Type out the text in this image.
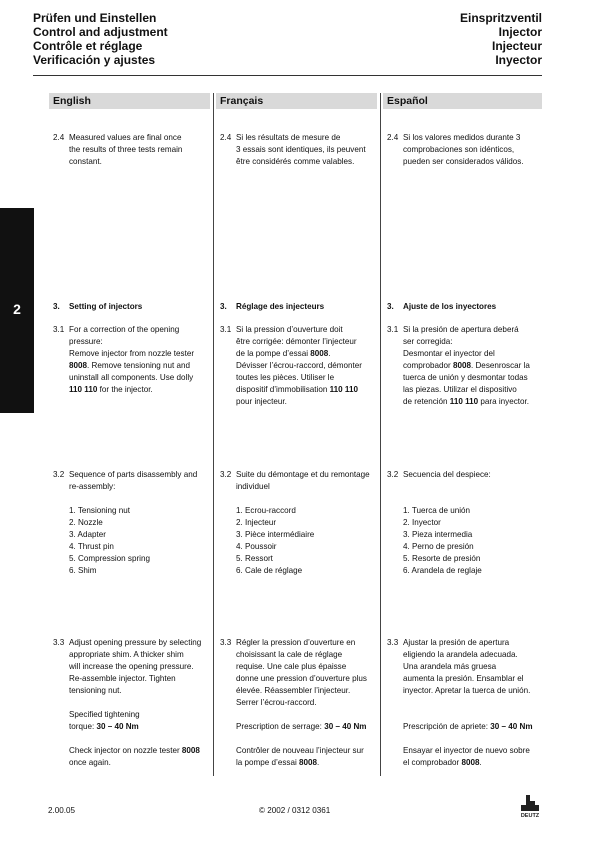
Prüfen und Einstellen
Control and adjustment
Contrôle et réglage
Verificación y ajustes
Einspritzventil
Injector
Injecteur
Inyector
English	Français	Español
2
2.4 Measured values are final once
the results of three tests remain
constant.
3. Setting of injectors
3.1 For a correction of the opening
pressure:
Remove injector from nozzle tester
8008. Remove tensioning nut and
uninstall all components. Use dolly
110 110 for the injector.
3.2 Sequence of parts disassembly and
re-assembly:
1. Tensioning nut
2. Nozzle
3. Adapter
4. Thrust pin
5. Compression spring
6. Shim
3.3 Adjust opening pressure by selecting
appropriate shim. A thicker shim
will increase the opening pressure.
Re-assemble injector. Tighten
tensioning nut.
Specified tightening
torque: 30 – 40 Nm
Check injector on nozzle tester 8008
once again.
2.4 Si les résultats de mesure de
3 essais sont identiques, ils peuvent
être considérés comme valables.
3. Réglage des injecteurs
3.1 Si la pression d’ouverture doit
être corrigée: démonter l’injecteur
de la pompe d’essai 8008.
Dévisser l’écrou-raccord, démonter
toutes les pièces. Utiliser le
dispositif d’immobilisation 110 110
pour injecteur.
3.2 Suite du démontage et du remontage
individuel
1. Ecrou-raccord
2. Injecteur
3. Pièce intermédiaire
4. Poussoir
5. Ressort
6. Cale de réglage
3.3 Régler la pression d’ouverture en
choisissant la cale de réglage
requise. Une cale plus épaisse
donne une pression d’ouverture plus
élevée. Réassembler l’injecteur.
Serrer l’écrou-raccord.
Prescription de serrage: 30 – 40 Nm
Contrôler de nouveau l’injecteur sur
la pompe d’essai 8008.
2.4 Si los valores medidos durante 3
comprobaciones son idénticos,
pueden ser considerados válidos.
3. Ajuste de los inyectores
3.1 Si la presión de apertura deberá
ser corregida:
Desmontar el inyector del
comprobador 8008. Desenroscar la
tuerca de unión y desmontar todas
las piezas. Utilizar el dispositivo
de retención 110 110 para inyector.
3.2 Secuencia del despiece:
1. Tuerca de unión
2. Inyector
3. Pieza intermedia
4. Perno de presión
5. Resorte de presión
6. Arandela de reglaje
3.3 Ajustar la presión de apertura
eligiendo la arandela adecuada.
Una arandela más gruesa
aumenta la presión. Ensamblar el
inyector. Apretar la tuerca de unión.
Prescripción de apriete: 30 – 40 Nm
Ensayar el inyector de nuevo sobre
el comprobador 8008.
2.00.05	© 2002 / 0312 0361
DEUTZ
